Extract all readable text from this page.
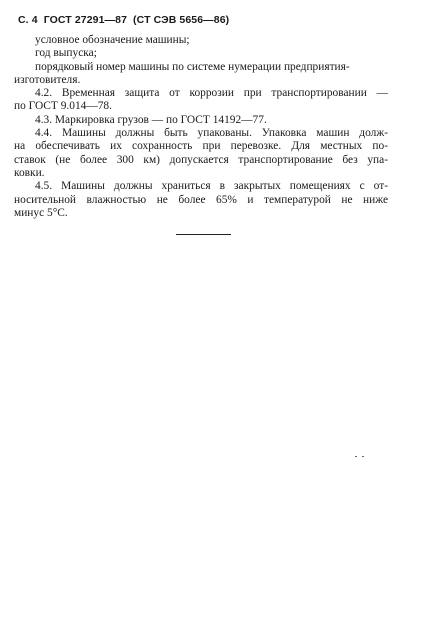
С. 4 ГОСТ 27291—87 (СТ СЭВ 5656—86)
условное обозначение машины;
год выпуска;
порядковый номер машины по системе нумерации предприятия-
изготовителя.
4.2. Временная защита от коррозии при транспортировании —
по ГОСТ 9.014—78.
4.3. Маркировка грузов — по ГОСТ 14192—77.
4.4. Машины должны быть упакованы. Упаковка машин долж-
на обеспечивать их сохранность при перевозке. Для местных по-
ставок (не более 300 км) допускается транспортирование без упа-
ковки.
4.5. Машины должны храниться в закрытых помещениях с от-
носительной влажностью не более 65% и температурой не ниже
минус 5°С.
